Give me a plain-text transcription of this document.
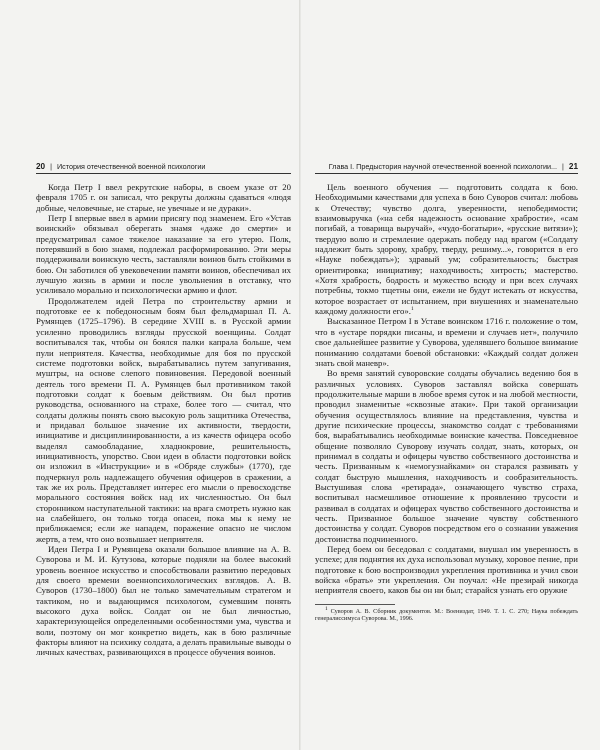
20 | История отечественной военной психологии

Когда Петр I ввел рекрутские наборы, в своем указе от 20 февраля 1705 г. он записал, что рекруты должны сдаваться «людя добные, человечные, не старые, не увечные и не дураки».

Петр I впервые ввел в армии присягу под знаменем. Его «Устав воинский» обязывал оберегать знамя «даже до смерти» и предусматривал самое тяжелое наказание за его утерю. Полк, потерявший в бою знамя, подлежал расформированию. Эти меры поддерживали воинскую честь, заставляли воинов быть стойкими в бою. Он заботился об увековечении памяти воинов, обеспечивал их лучшую жизнь в армии и после увольнения в отставку, что усиливало морально и психологически армию и флот.

Продолжателем идей Петра по строительству армии и подготовке ее к победоносным боям был фельдмаршал П. А. Румянцев (1725–1796). В середине XVIII в. в Русской армии усиленно проводились взгляды прусской военщины. Солдат воспитывался так, чтобы он боялся палки капрала больше, чем пули неприятеля. Качества, необходимые для боя по прусской системе подготовки войск, вырабатывались путем запугивания, муштры, на основе слепого повиновения. Передовой военный деятель того времени П. А. Румянцев был противником такой подготовки солдат к боевым действиям. Он был против руководства, основанного на страхе, более того — считал, что солдаты должны понять свою высокую роль защитника Отечества, и придавал большое значение их активности, твердости, инициативе и дисциплинированности, а из качеств офицера особо выделял самообладание, хладнокровие, решительность, инициативность, упорство. Свои идеи в области подготовки войск он изложил в «Инструкции» и в «Обряде службы» (1770), где подчеркнул роль надлежащего обучения офицеров в сражении, а так же их роль. Представляет интерес его мысли о превосходстве морального состояния войск над их численностью. Он был сторонником наступательной тактики: на врага смотреть нужно как на слабейшего, он только тогда опасен, пока мы к нему не приближаемся; если же нападем, поражение опасно не числом жертв, а тем, что оно возвышает неприятеля.

Идеи Петра I и Румянцева оказали большое влияние на А. В. Суворова и М. И. Кутузова, которые подняли на более высокий уровень военное искусство и способствовали развитию передовых для своего времени военнопсихологических взглядов. А. В. Суворов (1730–1800) был не только замечательным стратегом и тактиком, но и выдающимся психологом, сумевшим понять высокого духа войск. Солдат он не был личностью, характеризующейся определенными особенностями ума, чувства и воли, поэтому он мог конкретно видеть, как в бою различные факторы влияют на психику солдата, а делать правильные выводы о личных качествах, развивающихся в процессе обучения воинов.

Глава I. Предыстория научной отечественной военной психологии... | 21

Цель военного обучения — подготовить солдата к бою. Необходимыми качествами для успеха в бою Суворов считал: любовь к Отечеству; чувство долга, уверенности, непобедимости; взаимовыручка («на себя надежность основание храбрости», «сам погибай, а товарища выручай», «чудо-богатыри», «русские витязи»); твердую волю и стремление одержать победу над врагом («Солдату надлежит быть здорову, храбру, тверду, решиму...», говорится в его «Науке побеждать»); здравый ум; собразительность; быстрая ориентировка; инициативу; находчивость; хитрость; мастерство. «Хотя храбрость, бодрость и мужество всюду и при всех случаях потребны, токмо тщетны они, ежели не будут истекать от искусства, которое возрастает от испытанием, при внушениях и знаменательно каждому должности его».$^1$

Высказанное Петром I в Уставе воинском 1716 г. положение о том, что в «устаре порядки писаны, и времени и случаев нет», получило свое дальнейшее развитие у Суворова, уделявшего большое внимание пониманию солдатами боевой обстановки: «Каждый солдат должен знать свой маневр».

Во время занятий суворовские солдаты обучались ведению боя в различных условиях. Суворов заставлял войска совершать продолжительные марши в любое время суток и на любой местности, проводил знаменитые «сквозные атаки». При такой организации обучения осуществлялось влияние на представления, чувства и другие психические процессы, знакомство солдат с требованиями боя, вырабатывались необходимые воинские качества. Повседневное общение позволяло Суворову изучать солдат, знать, которых, он принимал в солдаты и офицеры чувство собственного достоинства и честь. Призванным к «немогузнайками» он старался развивать у солдат быструю мышления, находчивость и сообразительность. Выстушивая слова «ретирада», означающего чувство страха, воспитывал насмешливое отношение к проявлению трусости и развивал в солдатах и офицерах чувство собственного достоинства и честь. Призванное большое значение чувству собственного достоинства у солдат. Суворов посредством его о сознании уважения достоинства подчиненного.

Перед боем он беседовал с солдатами, внушал им уверенность в успехе; для поднятия их духа использовал музыку, хоровое пение, при подготовке к бою воспроизводил укрепления противника и учил свои войска «брать» эти укрепления. Он поучал: «Не презирай никогда неприятеля своего, каков бы он ни был; старайся узнать его оружие

1 Суворов А. В. Сборник документов. М.: Воениздат, 1949. Т. 1. С. 270; Наука побеждать генералиссимуса Суворова. М., 1996.
